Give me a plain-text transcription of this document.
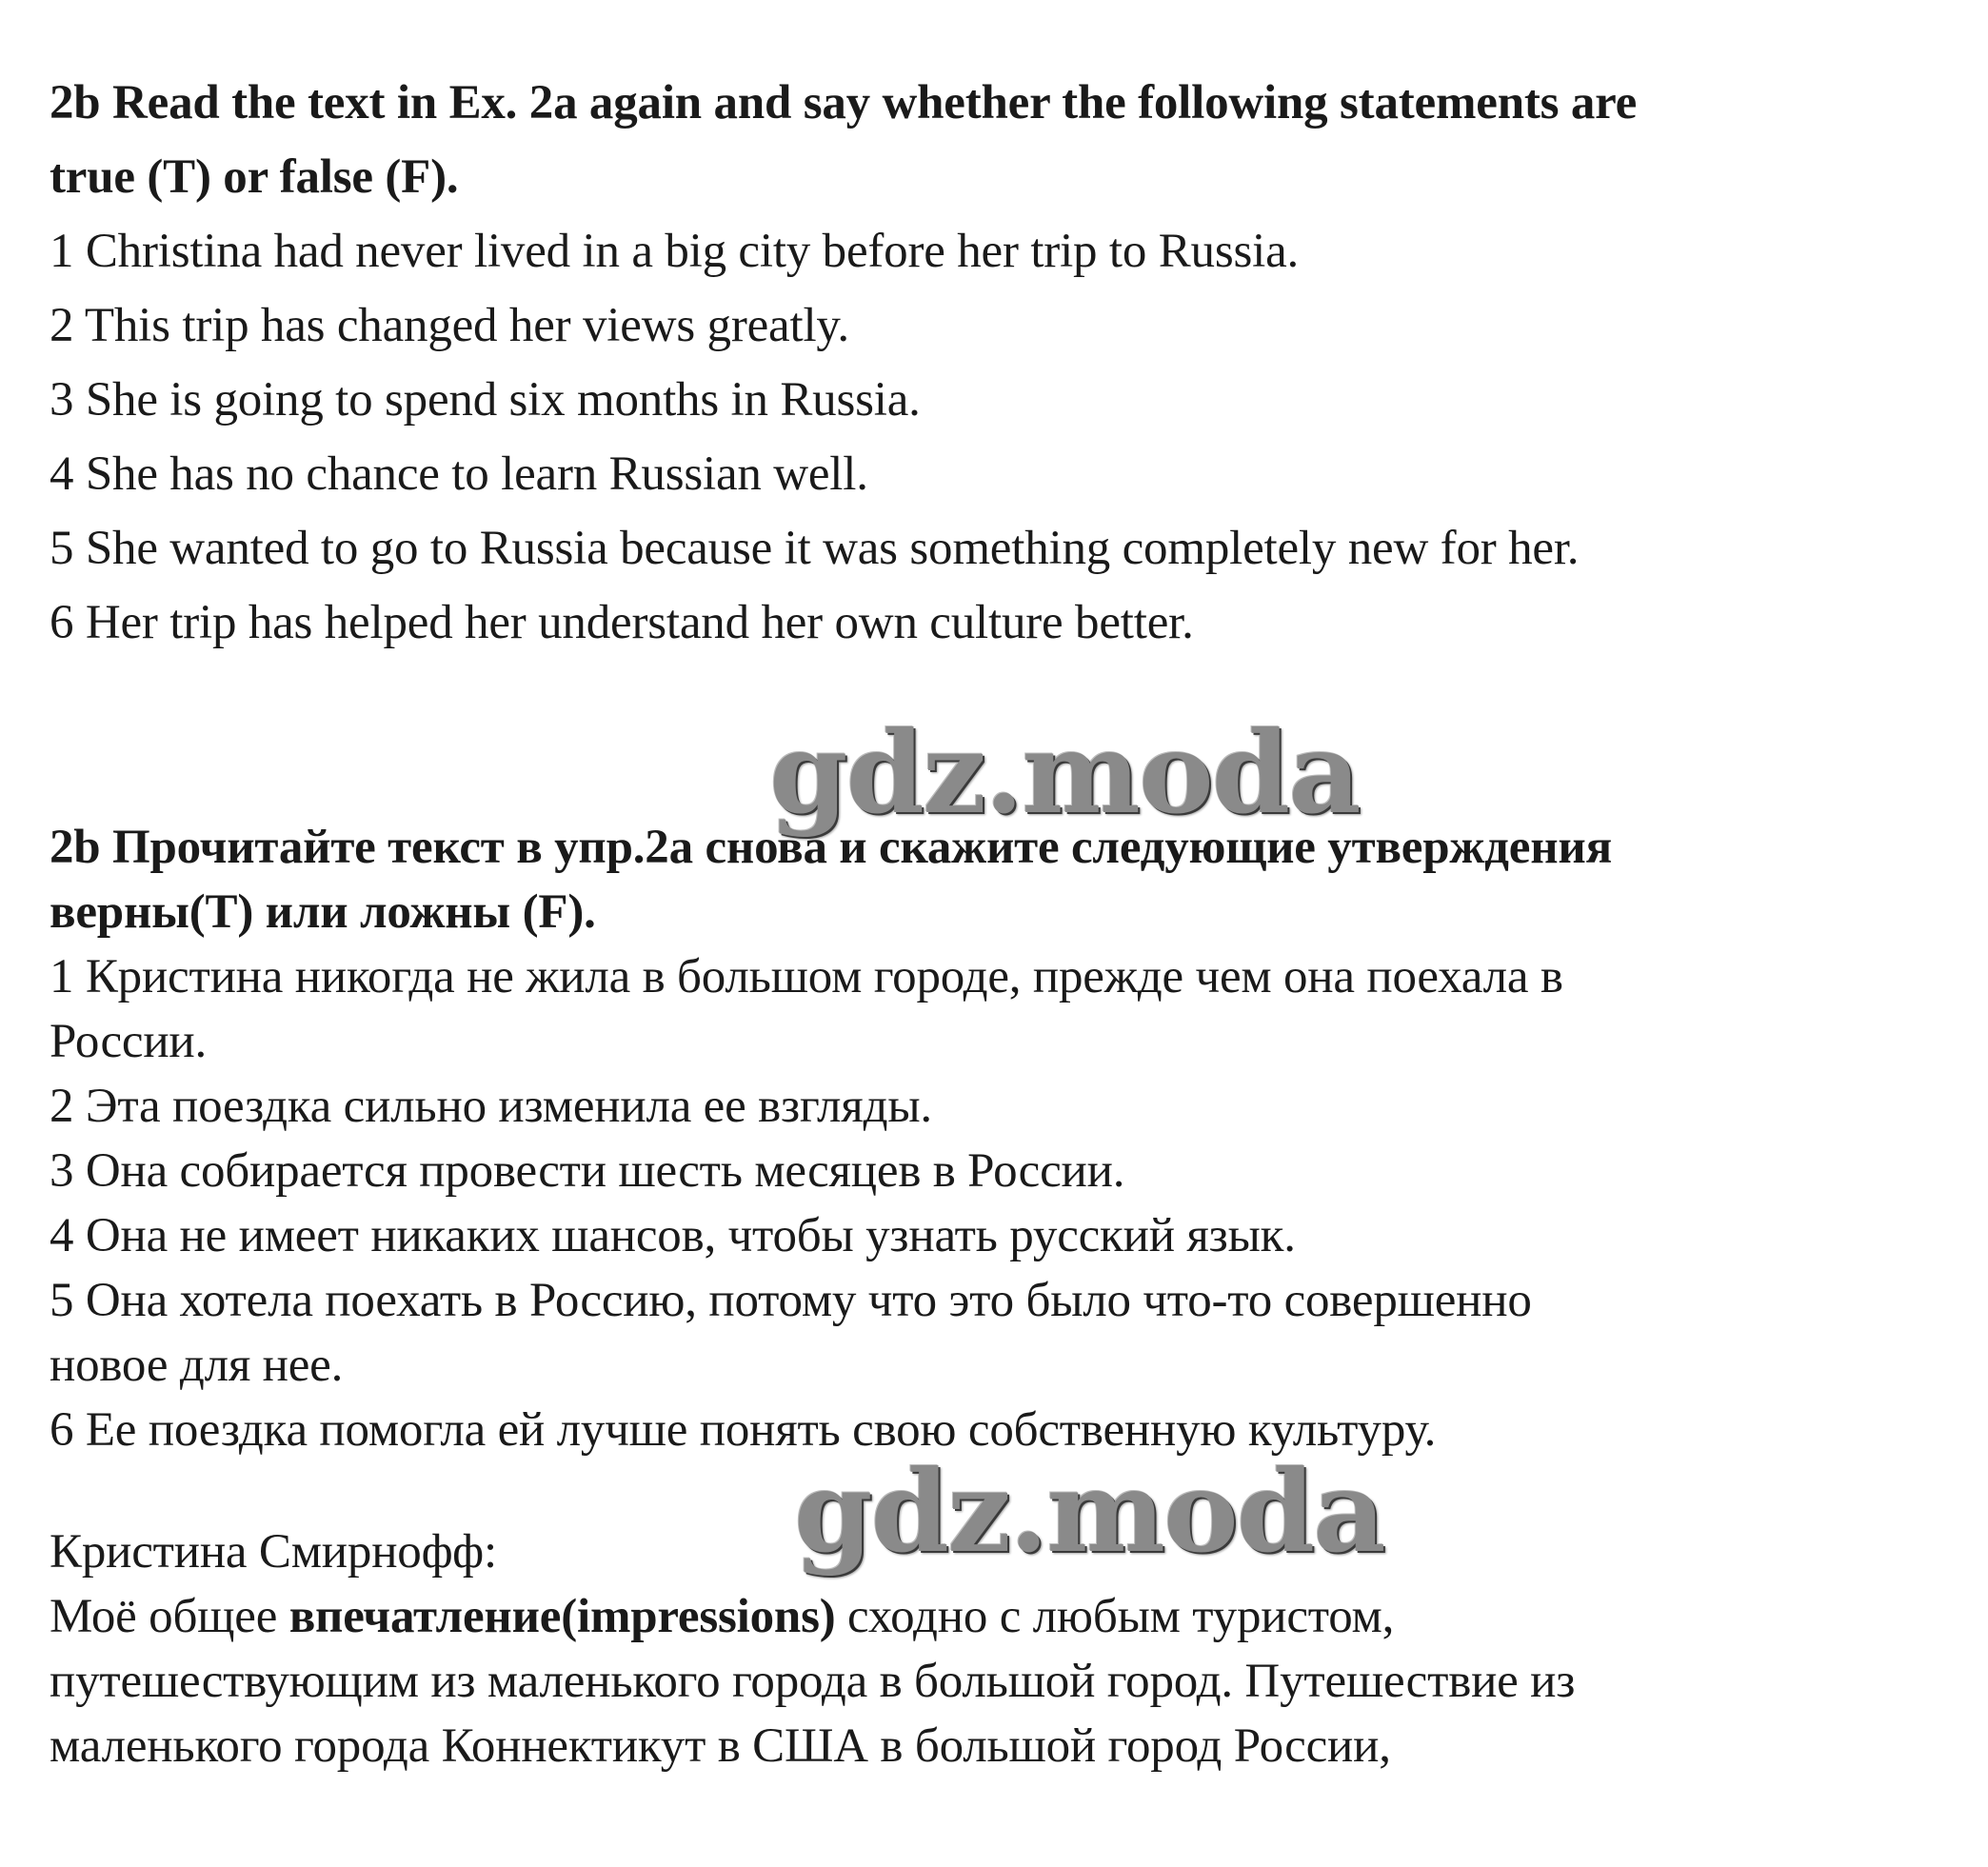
2b Read the text in Ex. 2a again and say whether the following statements are
true (T) or false (F).
1 Christina had never lived in a big city before her trip to Russia.
2 This trip has changed her views greatly.
3 She is going to spend six months in Russia.
4 She has no chance to learn Russian well.
5 She wanted to go to Russia because it was something completely new for her.
6 Her trip has helped her understand her own culture better.
gdz.moda
2b Прочитайте текст в упр.2а снова и скажите следующие утверждения
верны(T) или ложны (F).
1 Кристина никогда не жила в большом городе, прежде чем она поехала в
России.
2 Эта поездка сильно изменила ее взгляды.
3 Она собирается провести шесть месяцев в России.
4 Она не имеет никаких шансов, чтобы узнать русский язык.
5 Она хотела поехать в Россию, потому что это было что-то совершенно
новое для нее.
6 Ее поездка помогла ей лучше понять свою собственную культуру.
gdz.moda
Кристина Смирнофф:
Моё общее впечатление(impressions) сходно с любым туристом,
путешествующим из маленького города в большой город. Путешествие из
маленького города Коннектикут в США в большой город России,
